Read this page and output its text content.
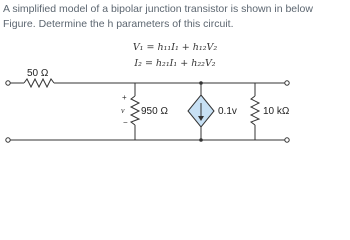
A simplified model of a bipolar junction transistor is shown in below Figure. Determine the h parameters of this circuit.

V₁ = h₁₁I₁ + h₁₂V₂
I₂ = h₂₁I₁ + h₂₂V₂
50 Ω
950 Ω
+
v
−
0.1v	10 kΩ
